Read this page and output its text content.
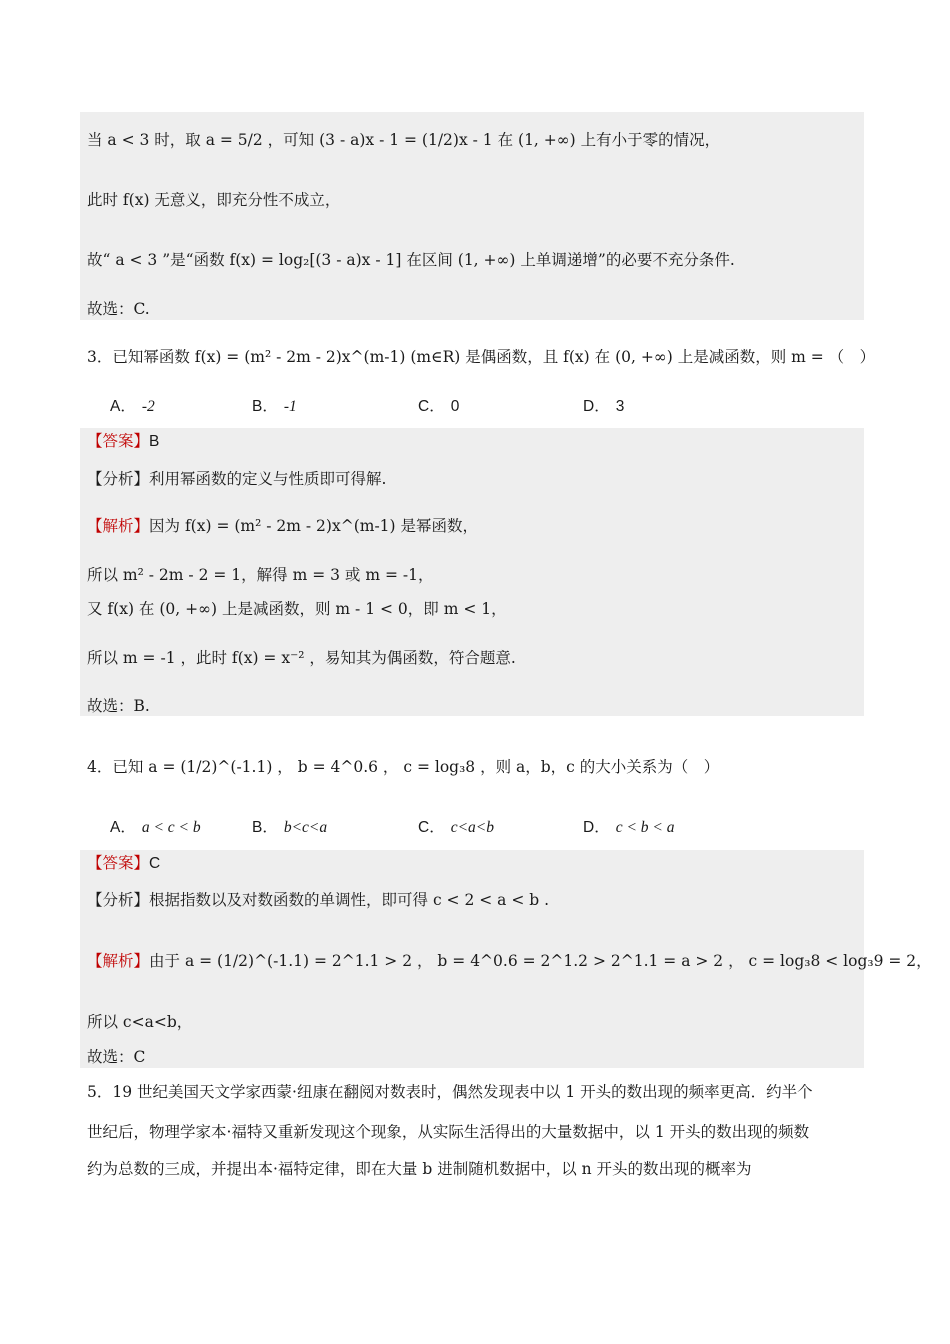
当 a < 3 时，取 a = 5/2 ，可知 (3 - a)x - 1 = (1/2)x - 1 在 (1, +∞) 上有小于零的情况，
此时 f(x) 无意义，即充分性不成立，
故“ a < 3 ”是“函数 f(x) = log₂[(3 - a)x - 1] 在区间 (1, +∞) 上单调递增”的必要不充分条件.
故选：C.
3．已知幂函数 f(x) = (m² - 2m - 2)x^(m-1) (m∈R) 是偶函数，且 f(x) 在 (0, +∞) 上是减函数，则 m = （　）
A． -2	B． -1	C． 0	D． 3
【答案】B
【分析】利用幂函数的定义与性质即可得解.
【解析】因为 f(x) = (m² - 2m - 2)x^(m-1) 是幂函数，
所以 m² - 2m - 2 = 1，解得 m = 3 或 m = -1，
又 f(x) 在 (0, +∞) 上是减函数，则 m - 1 < 0，即 m < 1，
所以 m = -1 ，此时 f(x) = x⁻² ，易知其为偶函数，符合题意.
故选：B.
4．已知 a = (1/2)^(-1.1) ， b = 4^0.6 ， c = log₃8 ，则 a，b，c 的大小关系为（　）
A． a < c < b	B． b<c<a	C． c<a<b	D． c < b < a
【答案】C
【分析】根据指数以及对数函数的单调性，即可得 c < 2 < a < b .
【解析】由于 a = (1/2)^(-1.1) = 2^1.1 > 2 ， b = 4^0.6 = 2^1.2 > 2^1.1 = a > 2 ， c = log₃8 < log₃9 = 2，
所以 c<a<b，
故选：C
5．19 世纪美国天文学家西蒙·纽康在翻阅对数表时，偶然发现表中以 1 开头的数出现的频率更高．约半个
世纪后，物理学家本·福特又重新发现这个现象，从实际生活得出的大量数据中，以 1 开头的数出现的频数
约为总数的三成，并提出本·福特定律，即在大量 b 进制随机数据中，以 n 开头的数出现的概率为
